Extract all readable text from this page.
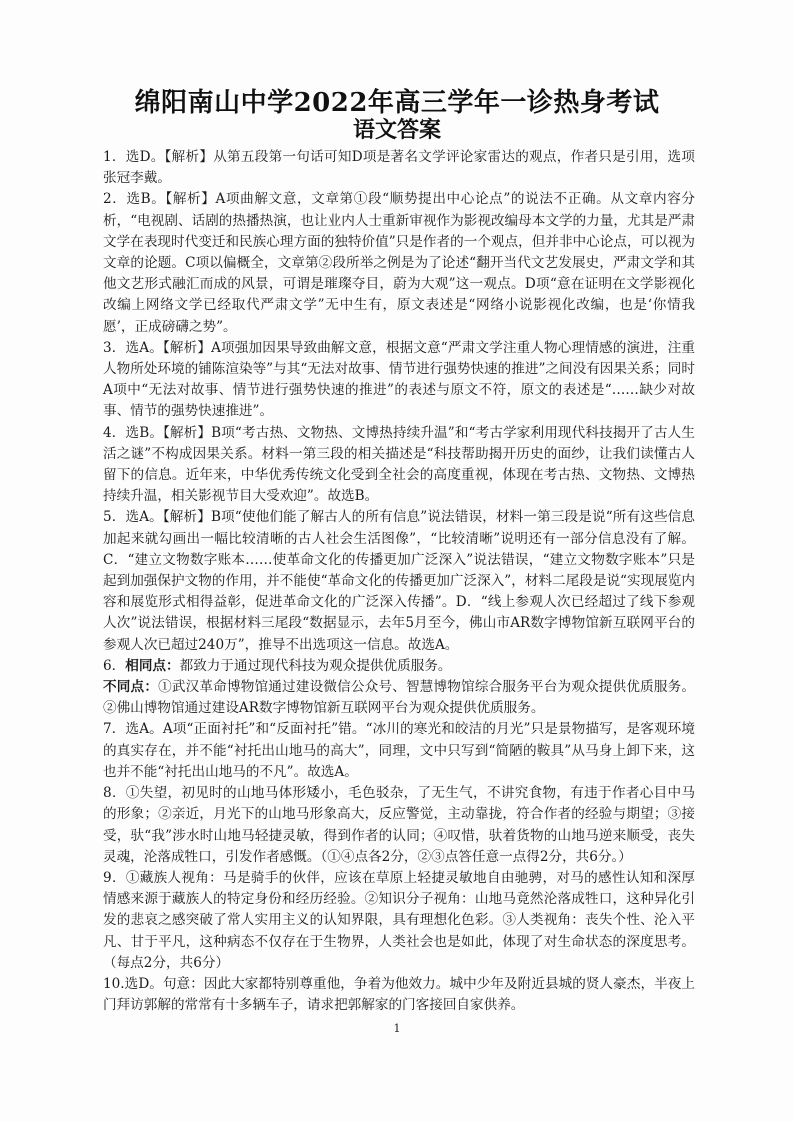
绵阳南山中学2022年高三学年一诊热身考试
语文答案

1．选D。【解析】从第五段第一句话可知D项是著名文学评论家雷达的观点，作者只是引用，选项张冠李戴。

2．选B。【解析】A项曲解文意，文章第①段“顺势提出中心论点”的说法不正确。从文章内容分析，“电视剧、话剧的热播热演，也让业内人士重新审视作为影视改编母本文学的力量，尤其是严肃文学在表现时代变迁和民族心理方面的独特价值”只是作者的一个观点，但并非中心论点，可以视为文章的论题。C项以偏概全，文章第②段所举之例是为了论述“翻开当代文艺发展史，严肃文学和其他文艺形式融汇而成的风景，可谓是璀璨夺目，蔚为大观”这一观点。D项“意在证明在文学影视化改编上网络文学已经取代严肃文学”无中生有，原文表述是“网络小说影视化改编，也是‘你情我愿’，正成磅礴之势”。

3．选A。【解析】A项强加因果导致曲解文意，根据文意“严肃文学注重人物心理情感的演进，注重人物所处环境的铺陈渲染等”与其“无法对故事、情节进行强势快速的推进”之间没有因果关系；同时A项中“无法对故事、情节进行强势快速的推进”的表述与原文不符，原文的表述是“……缺少对故事、情节的强势快速推进”。

4．选B。【解析】B项“考古热、文物热、文博热持续升温”和“考古学家利用现代科技揭开了古人生活之谜”不构成因果关系。材料一第三段的相关描述是“科技帮助揭开历史的面纱，让我们读懂古人留下的信息。近年来，中华优秀传统文化受到全社会的高度重视，体现在考古热、文物热、文博热持续升温，相关影视节目大受欢迎”。故选B。

5．选A。【解析】B项“使他们能了解古人的所有信息”说法错误，材料一第三段是说“所有这些信息加起来就勾画出一幅比较清晰的古人社会生活图像”，“比较清晰”说明还有一部分信息没有了解。C．“建立文物数字账本……使革命文化的传播更加广泛深入”说法错误，“建立文物数字账本”只是起到加强保护文物的作用，并不能使“革命文化的传播更加广泛深入”，材料二尾段是说“实现展览内容和展览形式相得益彰，促进革命文化的广泛深入传播”。D．“线上参观人次已经超过了线下参观人次”说法错误，根据材料三尾段“数据显示，去年5月至今，佛山市AR数字博物馆新互联网平台的参观人次已超过240万”，推导不出选项这一信息。故选A。

6．相同点：都致力于通过现代科技为观众提供优质服务。

不同点：①武汉革命博物馆通过建设微信公众号、智慧博物馆综合服务平台为观众提供优质服务。②佛山博物馆通过建设AR数字博物馆新互联网平台为观众提供优质服务。

7．选A。A项“正面衬托”和“反面衬托”错。“冰川的寒光和皎洁的月光”只是景物描写，是客观环境的真实存在，并不能“衬托出山地马的高大”，同理，文中只写到“简陋的鞍具”从马身上卸下来，这也并不能“衬托出山地马的不凡”。故选A。

8．①失望，初见时的山地马体形矮小，毛色驳杂，了无生气，不讲究食物，有违于作者心目中马的形象；②亲近，月光下的山地马形象高大，反应警觉，主动靠拢，符合作者的经验与期望；③接受，驮“我”涉水时山地马轻捷灵敏，得到作者的认同；④叹惜，驮着货物的山地马逆来顺受，丧失灵魂，沦落成牲口，引发作者感慨。（①④点各2分，②③点答任意一点得2分，共6分。）

9．①藏族人视角：马是骑手的伙伴，应该在草原上轻捷灵敏地自由驰骋，对马的感性认知和深厚情感来源于藏族人的特定身份和经历经验。②知识分子视角：山地马竟然沦落成牲口，这种异化引发的悲哀之感突破了常人实用主义的认知界限，具有理想化色彩。③人类视角：丧失个性、沦入平凡、甘于平凡，这种病态不仅存在于生物界，人类社会也是如此，体现了对生命状态的深度思考。（每点2分，共6分）

10.选D。句意：因此大家都特别尊重他，争着为他效力。城中少年及附近县城的贤人豪杰，半夜上门拜访郭解的常常有十多辆车子，请求把郭解家的门客接回自家供养。

1
